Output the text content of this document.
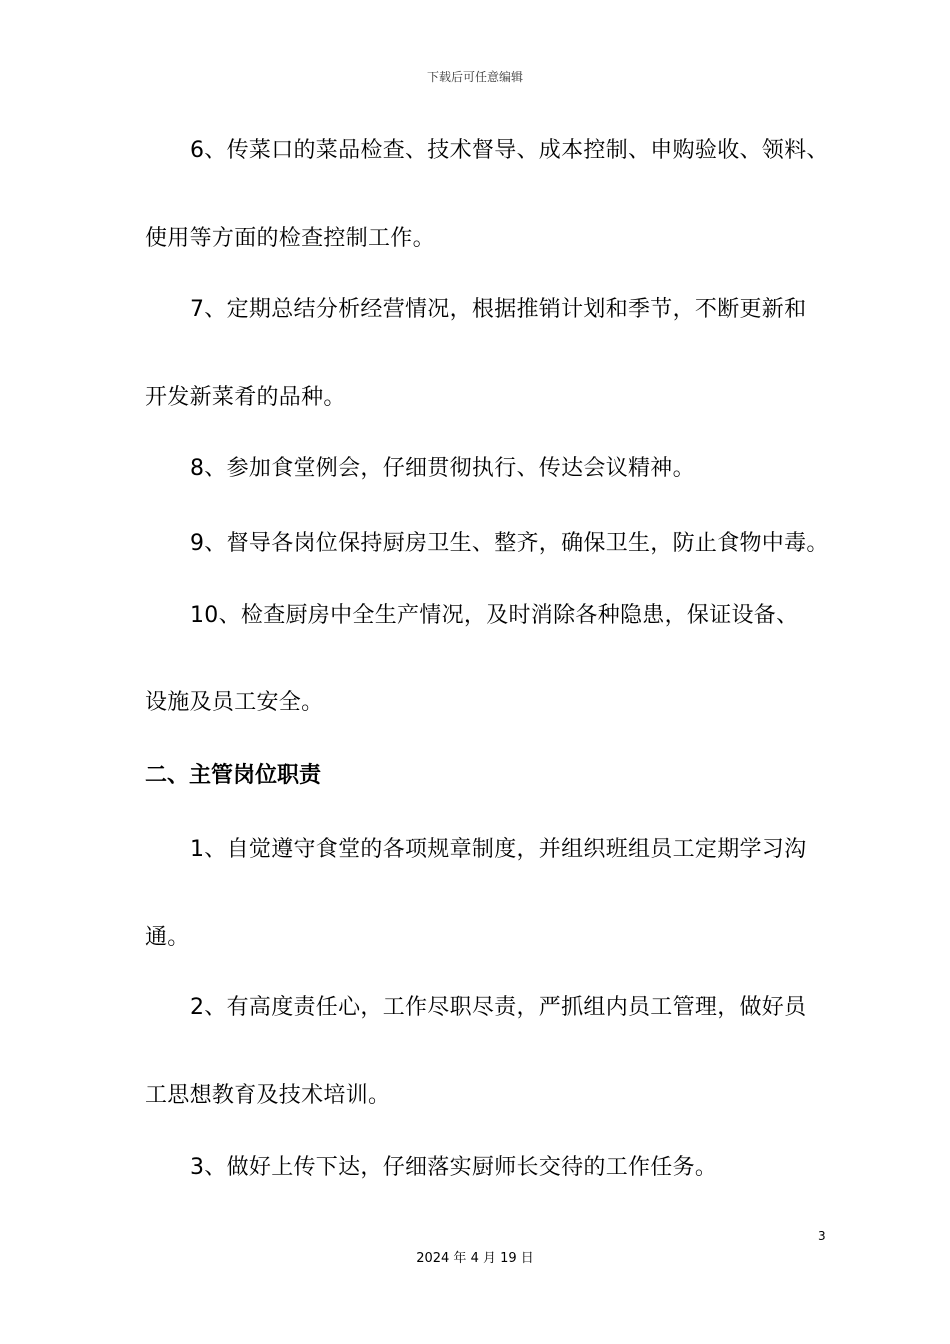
下载后可任意编辑
6、传菜口的菜品检查、技术督导、成本控制、申购验收、领料、
使用等方面的检查控制工作。
7、定期总结分析经营情况，根据推销计划和季节，不断更新和
开发新菜肴的品种。
8、参加食堂例会，仔细贯彻执行、传达会议精神。
9、督导各岗位保持厨房卫生、整齐，确保卫生，防止食物中毒。
10、检查厨房中全生产情况，及时消除各种隐患，保证设备、
设施及员工安全。
二、主管岗位职责
1、自觉遵守食堂的各项规章制度，并组织班组员工定期学习沟
通。
2、有高度责任心，工作尽职尽责，严抓组内员工管理，做好员
工思想教育及技术培训。
3、做好上传下达，仔细落实厨师长交待的工作任务。
3
2024 年 4 月 19 日
